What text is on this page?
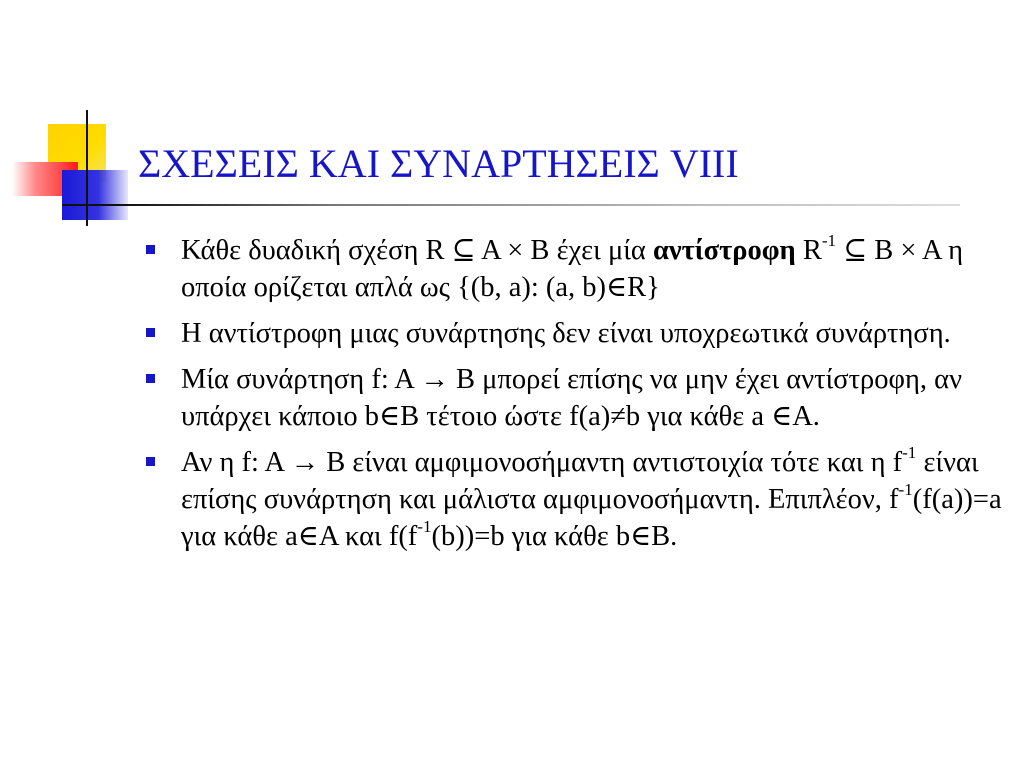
ΣΧΕΣΕΙΣ ΚΑΙ ΣΥΝΑΡΤΗΣΕΙΣ VIII
Κάθε δυαδική σχέση R ⊆ A × B έχει μία αντίστροφη $R^{-1}$ ⊆ B × A η οποία ορίζεται απλά ως {(b, a): (a, b)∈R}
Η αντίστροφη μιας συνάρτησης δεν είναι υποχρεωτικά συνάρτηση.
Μία συνάρτηση f: A → B μπορεί επίσης να μην έχει αντίστροφη, αν υπάρχει κάποιο b∈B τέτοιο ώστε f(a)≠b για κάθε a ∈A.
Αν η f: A → B είναι αμφιμονοσήμαντη αντιστοιχία τότε και η $f^{-1}$ είναι επίσης συνάρτηση και μάλιστα αμφιμονοσήμαντη. Επιπλέον, $f^{-1}(f(a))=a$ για κάθε a∈A και $f(f^{-1}(b))=b$ για κάθε b∈B.
